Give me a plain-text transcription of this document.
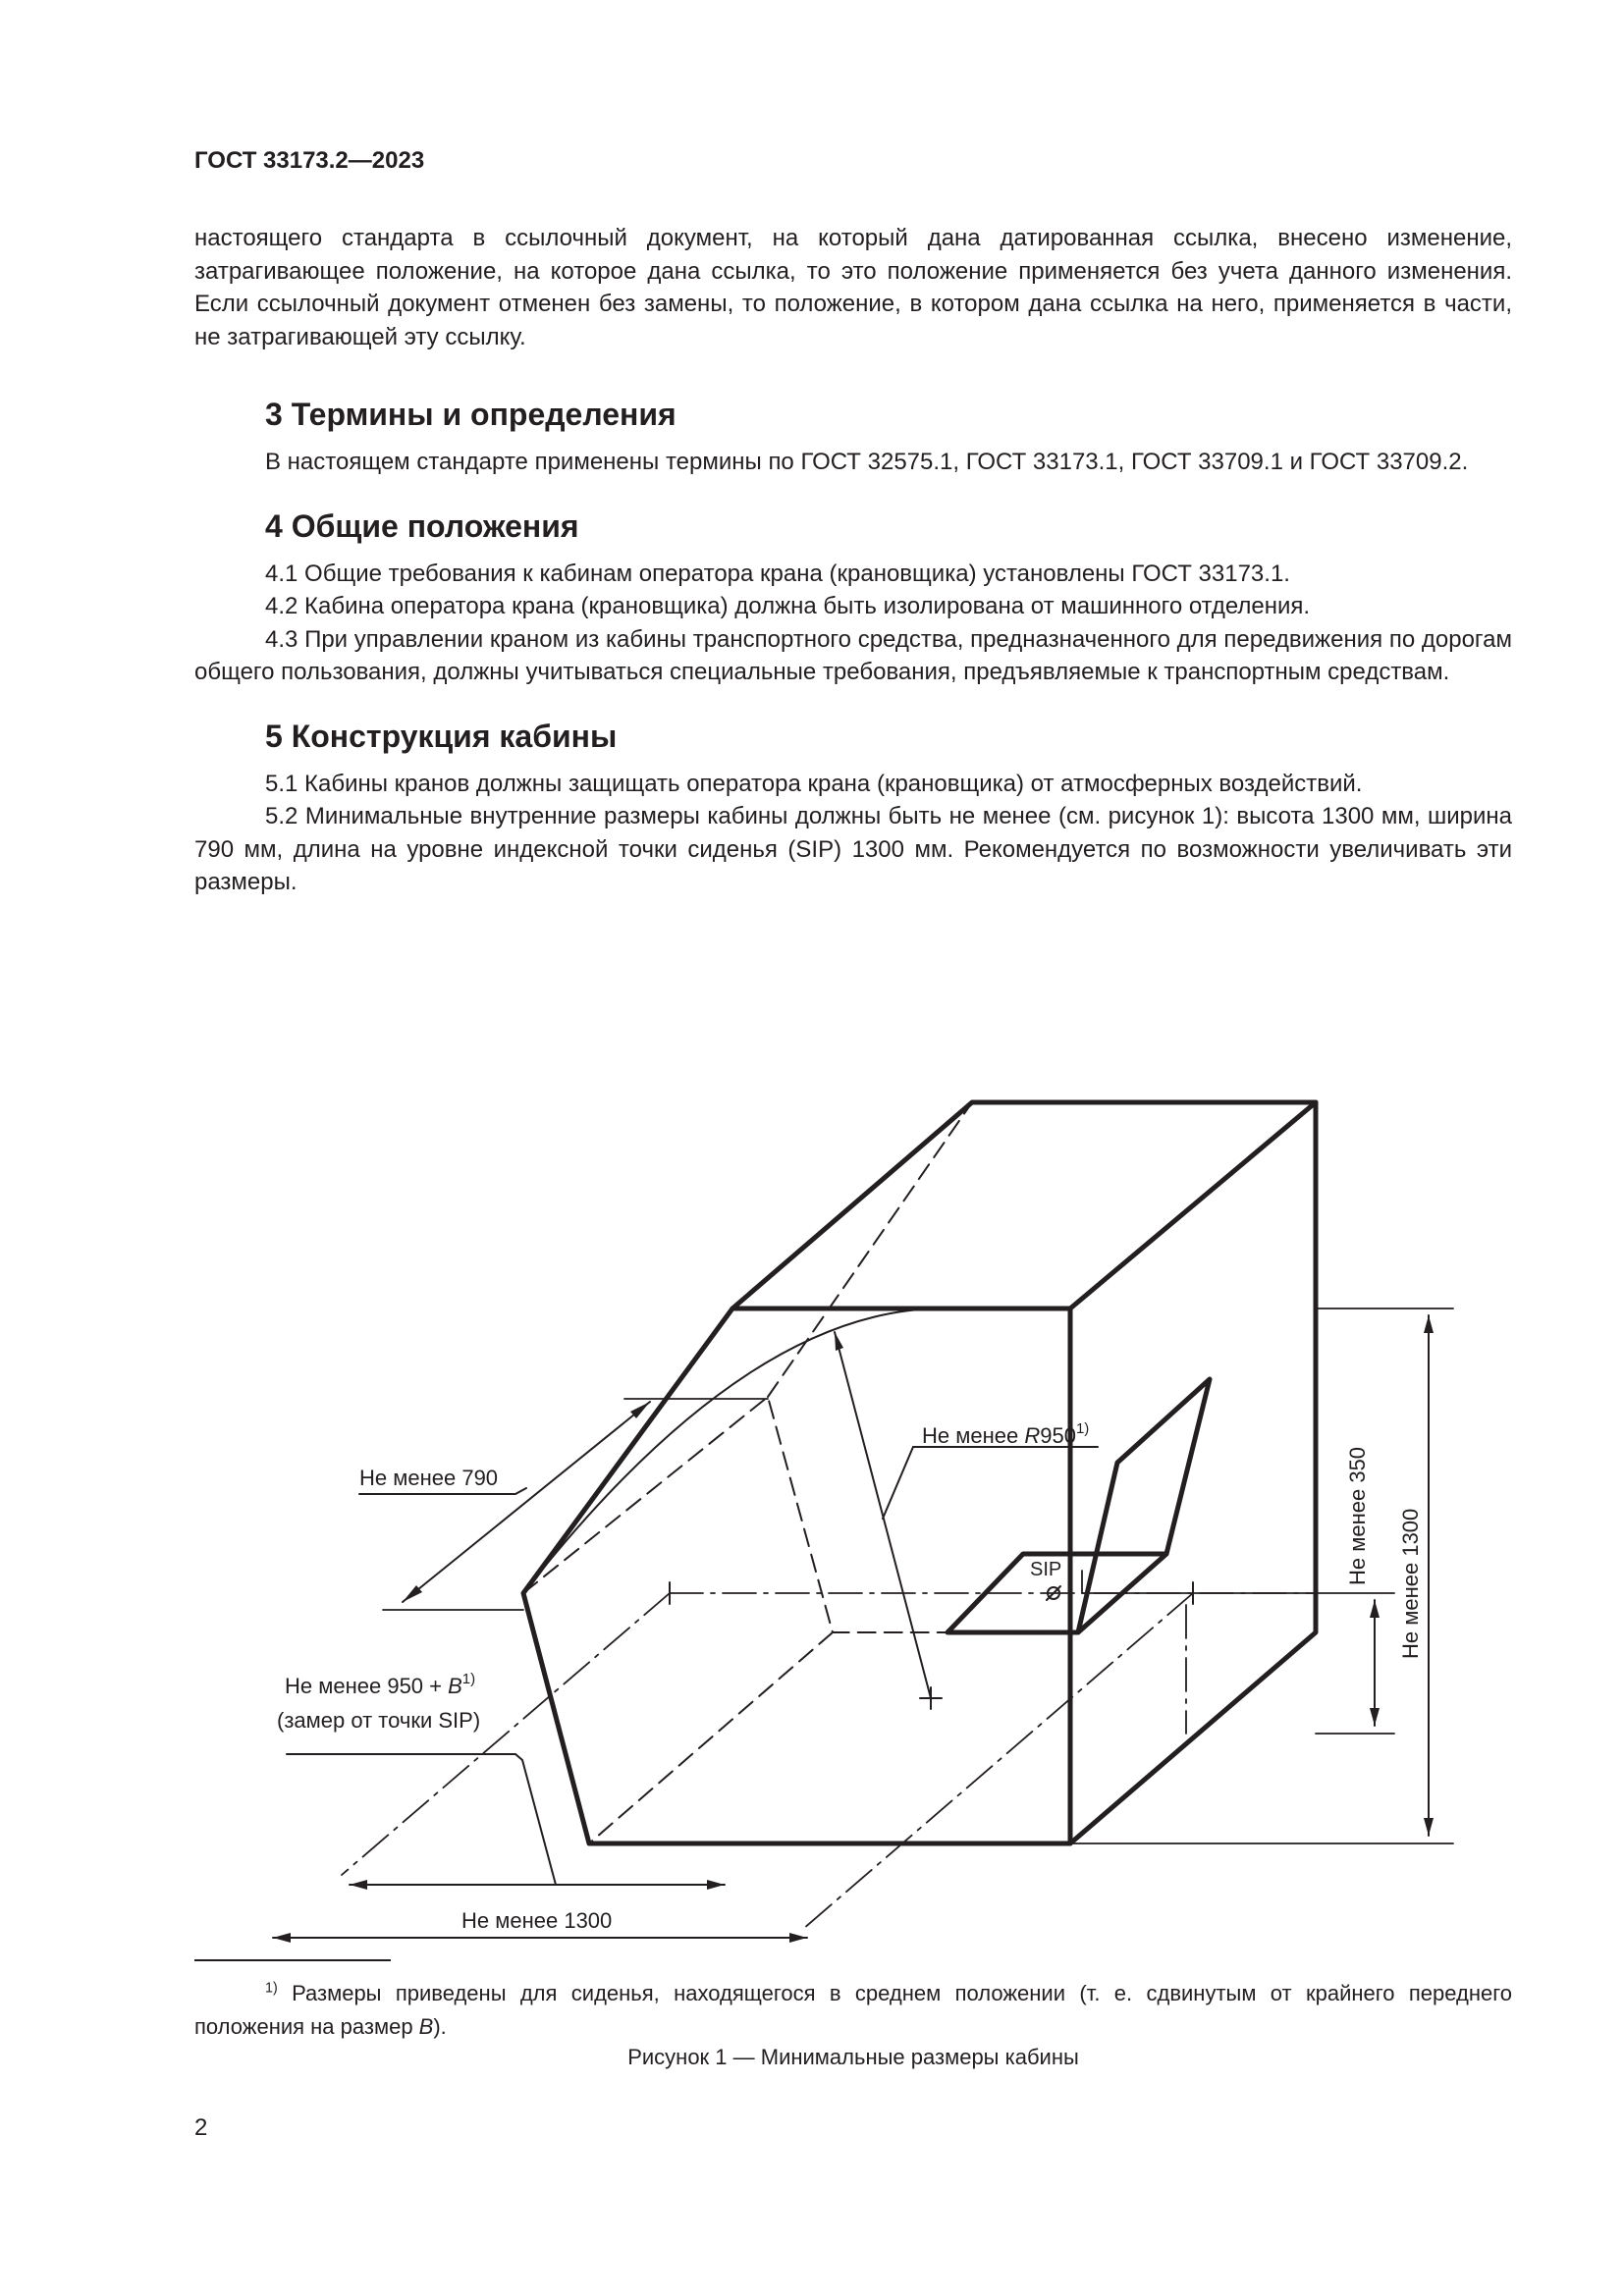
ГОСТ 33173.2—2023

настоящего стандарта в ссылочный документ, на который дана датированная ссылка, внесено изменение, затрагивающее положение, на которое дана ссылка, то это положение применяется без учета данного изменения. Если ссылочный документ отменен без замены, то положение, в котором дана ссылка на него, применяется в части, не затрагивающей эту ссылку.

3 Термины и определения

В настоящем стандарте применены термины по ГОСТ 32575.1, ГОСТ 33173.1, ГОСТ 33709.1 и ГОСТ 33709.2.

4 Общие положения

4.1 Общие требования к кабинам оператора крана (крановщика) установлены ГОСТ 33173.1.

4.2 Кабина оператора крана (крановщика) должна быть изолирована от машинного отделения.

4.3 При управлении краном из кабины транспортного средства, предназначенного для передвижения по дорогам общего пользования, должны учитываться специальные требования, предъявляемые к транспортным средствам.

5 Конструкция кабины

5.1 Кабины кранов должны защищать оператора крана (крановщика) от атмосферных воздействий.

5.2 Минимальные внутренние размеры кабины должны быть не менее (см. рисунок 1): высота 1300 мм, ширина 790 мм, длина на уровне индексной точки сиденья (SIP) 1300 мм. Рекомендуется по возможности увеличивать эти размеры.

Не менее 790
Не менее R950$^{1)}$
Не менее $950 + B^{1)}$
(замер от точки SIP)
Не менее 1300
SIP	Не менее 350 Не менее 1300

$^{1)}$ Размеры приведены для сиденья, находящегося в среднем положении (т. е. сдвинутым от крайнего переднего положения на размер B).

Рисунок 1 — Минимальные размеры кабины
2
